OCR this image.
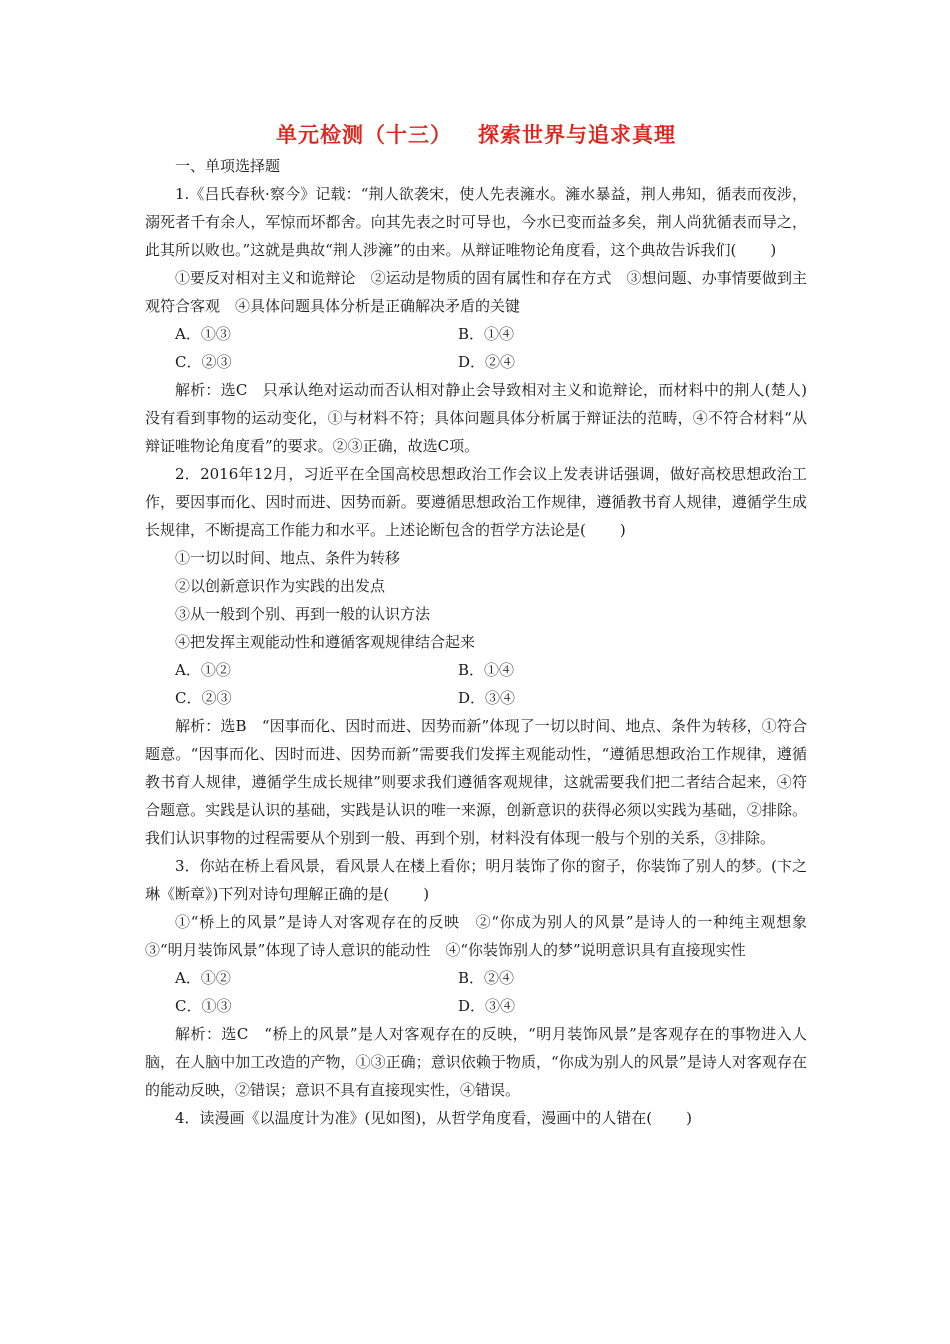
单元检测（十三） 探索世界与追求真理
一、单项选择题

1.《吕氏春秋·察今》记载：“荆人欲袭宋，使人先表澭水。澭水暴益，荆人弗知，循表而夜涉，溺死者千有余人，军惊而坏都舍。向其先表之时可导也，今水已变而益多矣，荆人尚犹循表而导之，此其所以败也。”这就是典故“荆人涉澭”的由来。从辩证唯物论角度看，这个典故告诉我们( )

①要反对相对主义和诡辩论　②运动是物质的固有属性和存在方式　③想问题、办事情要做到主观符合客观　④具体问题具体分析是正确解决矛盾的关键

A．①③	B．①④
C．②③	D．②④

解析：选C　只承认绝对运动而否认相对静止会导致相对主义和诡辩论，而材料中的荆人(楚人)没有看到事物的运动变化，①与材料不符；具体问题具体分析属于辩证法的范畴，④不符合材料“从辩证唯物论角度看”的要求。②③正确，故选C项。

2．2016年12月，习近平在全国高校思想政治工作会议上发表讲话强调，做好高校思想政治工作，要因事而化、因时而进、因势而新。要遵循思想政治工作规律，遵循教书育人规律，遵循学生成长规律，不断提高工作能力和水平。上述论断包含的哲学方法论是( )

①一切以时间、地点、条件为转移

②以创新意识作为实践的出发点

③从一般到个别、再到一般的认识方法

④把发挥主观能动性和遵循客观规律结合起来

A．①②	B．①④
C．②③	D．③④

解析：选B　“因事而化、因时而进、因势而新”体现了一切以时间、地点、条件为转移，①符合题意。“因事而化、因时而进、因势而新”需要我们发挥主观能动性，“遵循思想政治工作规律，遵循教书育人规律，遵循学生成长规律”则要求我们遵循客观规律，这就需要我们把二者结合起来，④符合题意。实践是认识的基础，实践是认识的唯一来源，创新意识的获得必须以实践为基础，②排除。我们认识事物的过程需要从个别到一般、再到个别，材料没有体现一般与个别的关系，③排除。

3．你站在桥上看风景，看风景人在楼上看你；明月装饰了你的窗子，你装饰了别人的梦。(卞之琳《断章》)下列对诗句理解正确的是( )

①“桥上的风景”是诗人对客观存在的反映　②“你成为别人的风景”是诗人的一种纯主观想象　③“明月装饰风景”体现了诗人意识的能动性　④“你装饰别人的梦”说明意识具有直接现实性

A．①②	B．②④
C．①③	D．③④

解析：选C　“桥上的风景”是人对客观存在的反映，“明月装饰风景”是客观存在的事物进入人脑，在人脑中加工改造的产物，①③正确；意识依赖于物质，“你成为别人的风景”是诗人对客观存在的能动反映，②错误；意识不具有直接现实性，④错误。

4．读漫画《以温度计为准》(见如图)，从哲学角度看，漫画中的人错在( )
